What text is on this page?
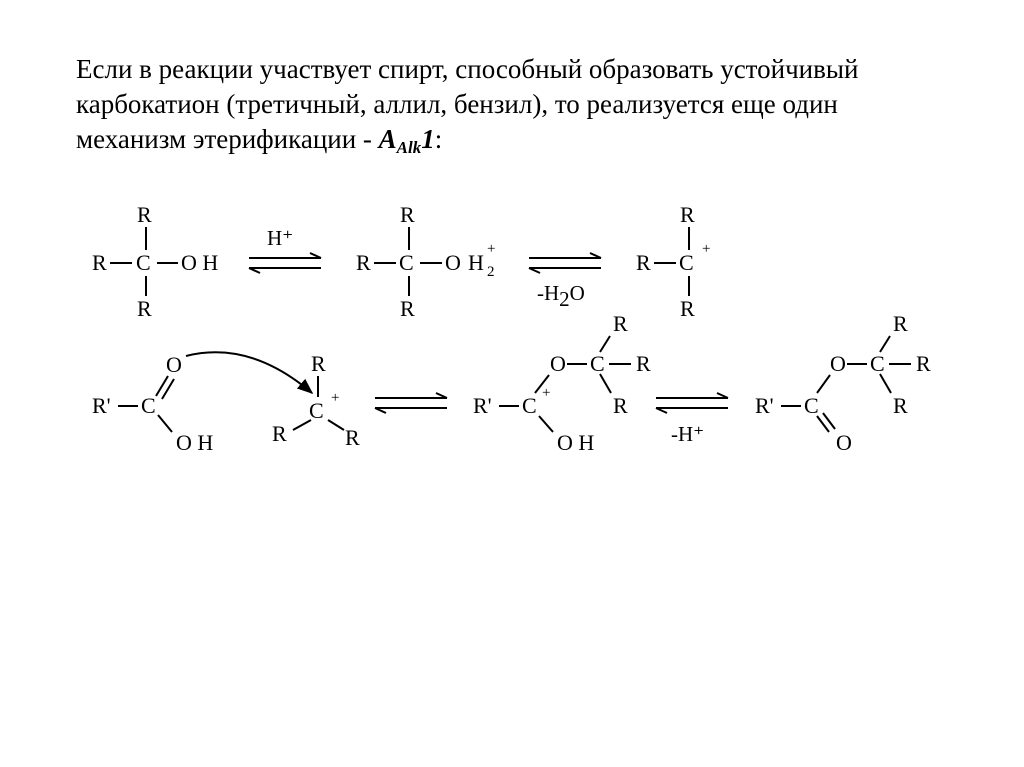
Если в реакции участвует спирт, способный образовать устойчивый

карбокатион (третичный, аллил, бензил), то реализуется еще один

механизм этерификации - $A_{Alk}1$:

R
R C O H
R
H⁺
R
R C O H 2
+
R
-H2O
R
R C
+
R
R' C
O
O H
R
C +
R	R
R' C +
O C
R
R
R
O H	-H⁺
R' C
O C
R
R
R
O
